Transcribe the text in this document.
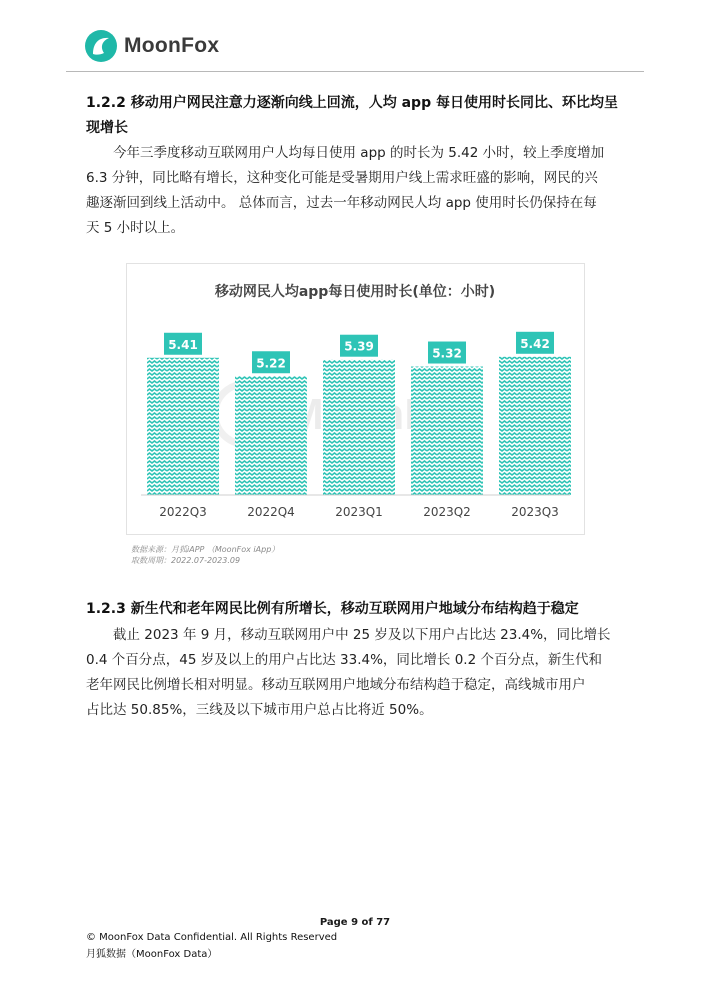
MoonFox
1.2.2 移动用户网民注意力逐渐向线上回流，人均 app 每日使用时长同比、环比均呈
现增长
今年三季度移动互联网用户人均每日使用 app 的时长为 5.42 小时，较上季度增加
6.3 分钟，同比略有增长，这种变化可能是受暑期用户线上需求旺盛的影响，网民的兴
趣逐渐回到线上活动中。 总体而言，过去一年移动网民人均 app 使用时长仍保持在每
天 5 小时以上。
移动网民人均app每日使用时长(单位：小时)
5.41
5.22
5.39	5.32
5.42
2022Q3	2022Q4	2023Q1	2023Q2	2023Q3
数据来源：月狐iAPP （MoonFox iApp）
取数周期：2022.07-2023.09
1.2.3 新生代和老年网民比例有所增长，移动互联网用户地域分布结构趋于稳定
截止 2023 年 9 月，移动互联网用户中 25 岁及以下用户占比达 23.4%，同比增长
0.4 个百分点，45 岁及以上的用户占比达 33.4%，同比增长 0.2 个百分点，新生代和
老年网民比例增长相对明显。移动互联网用户地域分布结构趋于稳定，高线城市用户
占比达 50.85%，三线及以下城市用户总占比将近 50%。
Page 9 of 77
© MoonFox Data Confidential. All Rights Reserved
月狐数据（MoonFox Data）
